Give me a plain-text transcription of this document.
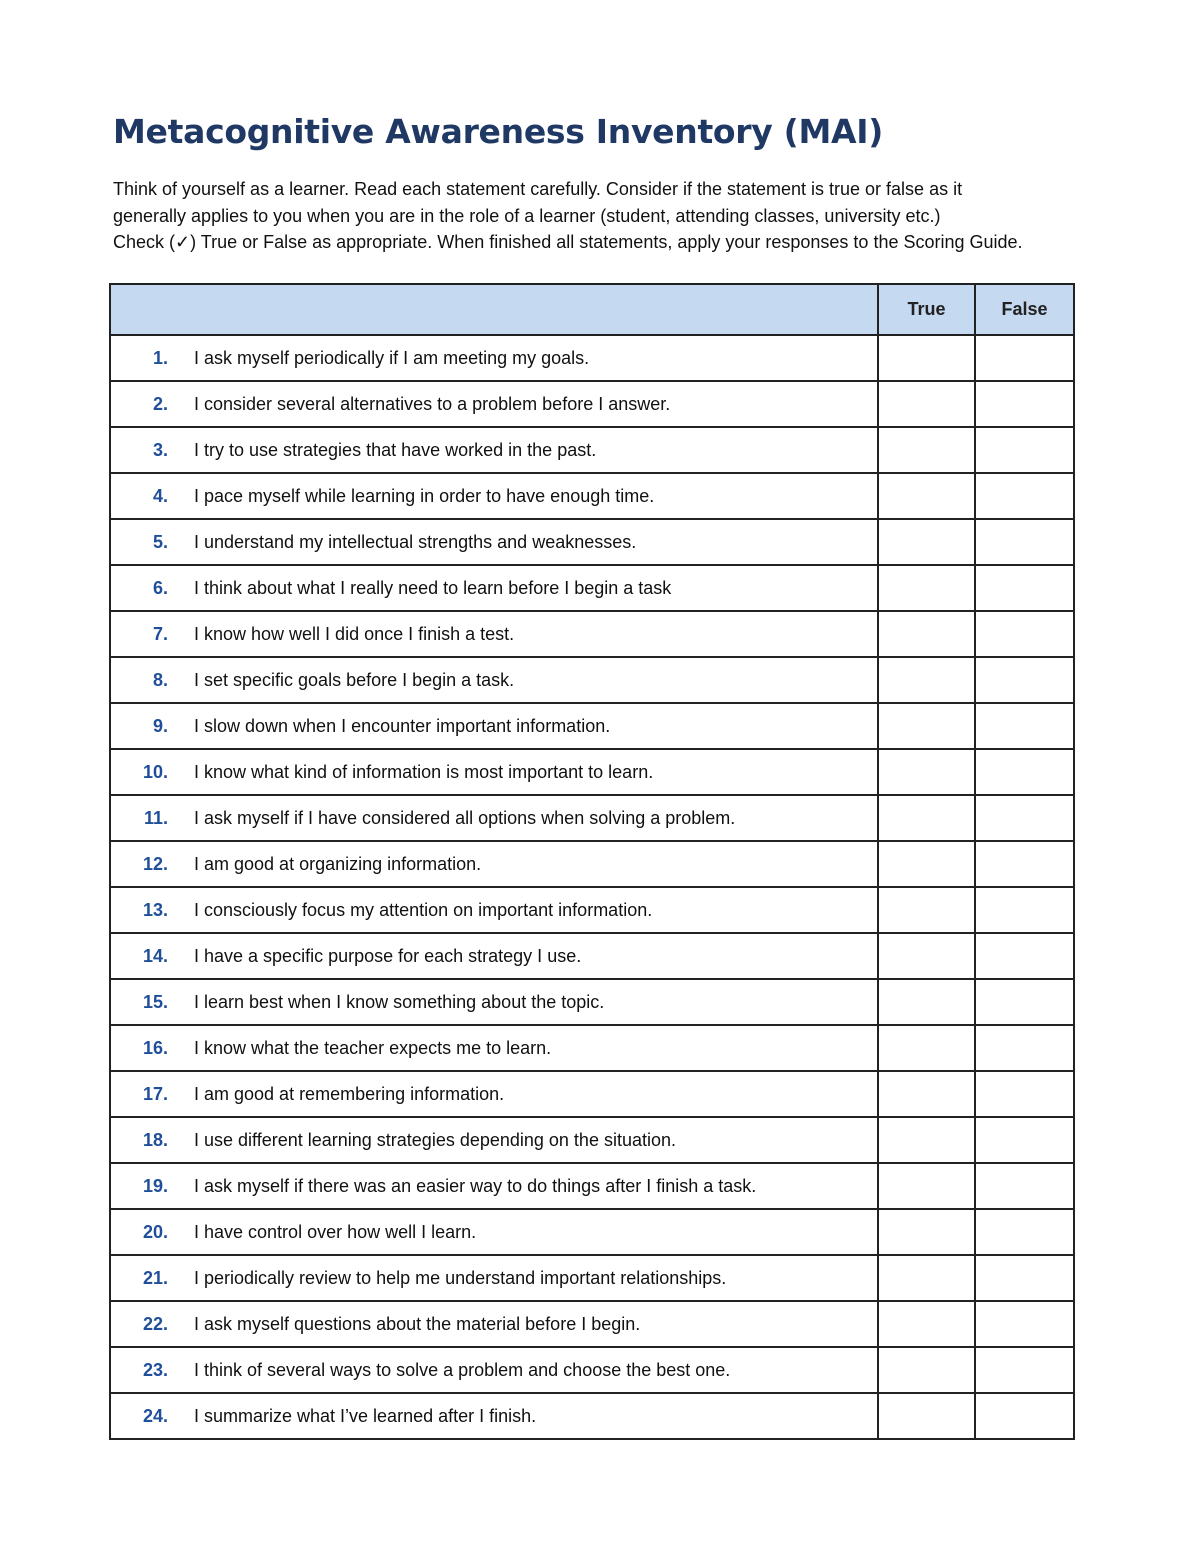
Metacognitive Awareness Inventory (MAI)

Think of yourself as a learner. Read each statement carefully. Consider if the statement is true or false as it

generally applies to you when you are in the role of a learner (student, attending classes, university etc.)

Check (✓) True or False as appropriate. When finished all statements, apply your responses to the Scoring Guide.

		True	False
1.	I ask myself periodically if I am meeting my goals.		
2.	I consider several alternatives to a problem before I answer.		
3.	I try to use strategies that have worked in the past.		
4.	I pace myself while learning in order to have enough time.		
5.	I understand my intellectual strengths and weaknesses.		
6.	I think about what I really need to learn before I begin a task		
7.	I know how well I did once I finish a test.		
8.	I set specific goals before I begin a task.		
9.	I slow down when I encounter important information.		
10.	I know what kind of information is most important to learn.		
11.	I ask myself if I have considered all options when solving a problem.		
12.	I am good at organizing information.		
13.	I consciously focus my attention on important information.		
14.	I have a specific purpose for each strategy I use.		
15.	I learn best when I know something about the topic.		
16.	I know what the teacher expects me to learn.		
17.	I am good at remembering information.		
18.	I use different learning strategies depending on the situation.		
19.	I ask myself if there was an easier way to do things after I finish a task.		
20.	I have control over how well I learn.		
21.	I periodically review to help me understand important relationships.		
22.	I ask myself questions about the material before I begin.		
23.	I think of several ways to solve a problem and choose the best one.		
24.	I summarize what I’ve learned after I finish.		
